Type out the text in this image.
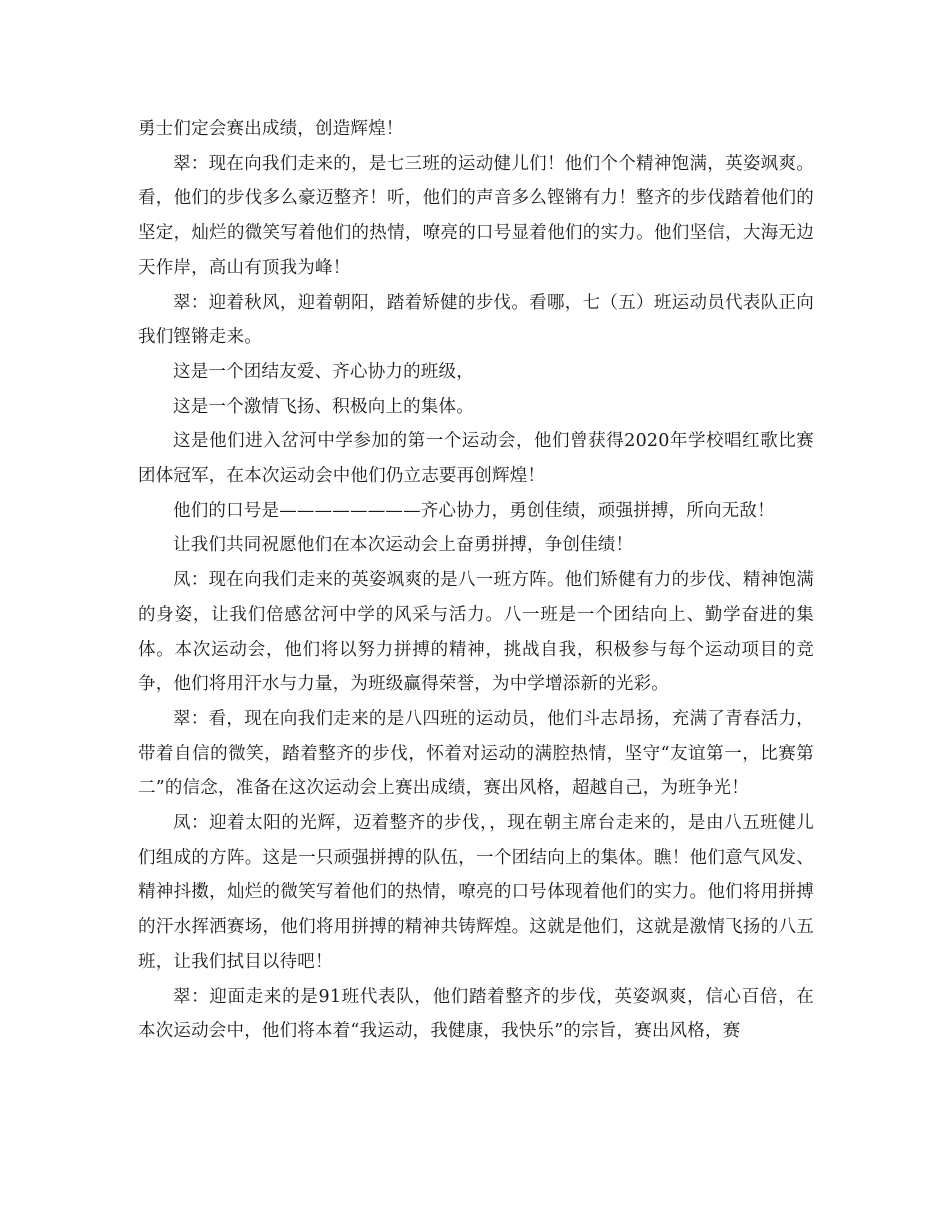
勇士们定会赛出成绩，创造辉煌！

翠：现在向我们走来的，是七三班的运动健儿们！他们个个精神饱满，英姿飒爽。看，他们的步伐多么豪迈整齐！听，他们的声音多么铿锵有力！整齐的步伐踏着他们的坚定，灿烂的微笑写着他们的热情，嘹亮的口号显着他们的实力。他们坚信，大海无边天作岸，高山有顶我为峰！

翠：迎着秋风，迎着朝阳，踏着矫健的步伐。看哪，七（五）班运动员代表队正向我们铿锵走来。

这是一个团结友爱、齐心协力的班级，

这是一个激情飞扬、积极向上的集体。

这是他们进入岔河中学参加的第一个运动会，他们曾获得2020年学校唱红歌比赛团体冠军，在本次运动会中他们仍立志要再创辉煌！

他们的口号是————————齐心协力，勇创佳绩，顽强拼搏，所向无敌！

让我们共同祝愿他们在本次运动会上奋勇拼搏，争创佳绩！

凤：现在向我们走来的英姿飒爽的是八一班方阵。他们矫健有力的步伐、精神饱满的身姿，让我们倍感岔河中学的风采与活力。八一班是一个团结向上、勤学奋进的集体。本次运动会，他们将以努力拼搏的精神，挑战自我，积极参与每个运动项目的竞争，他们将用汗水与力量，为班级赢得荣誉，为中学增添新的光彩。

翠：看，现在向我们走来的是八四班的运动员，他们斗志昂扬，充满了青春活力，带着自信的微笑，踏着整齐的步伐，怀着对运动的满腔热情，坚守“友谊第一，比赛第二”的信念，准备在这次运动会上赛出成绩，赛出风格，超越自己，为班争光！

凤：迎着太阳的光辉，迈着整齐的步伐，，现在朝主席台走来的，是由八五班健儿们组成的方阵。这是一只顽强拼搏的队伍，一个团结向上的集体。瞧！他们意气风发、精神抖擞，灿烂的微笑写着他们的热情，嘹亮的口号体现着他们的实力。他们将用拼搏的汗水挥洒赛场，他们将用拼搏的精神共铸辉煌。这就是他们，这就是激情飞扬的八五班，让我们拭目以待吧！

翠：迎面走来的是91班代表队，他们踏着整齐的步伐，英姿飒爽，信心百倍，在本次运动会中，他们将本着“我运动，我健康，我快乐”的宗旨，赛出风格，赛
